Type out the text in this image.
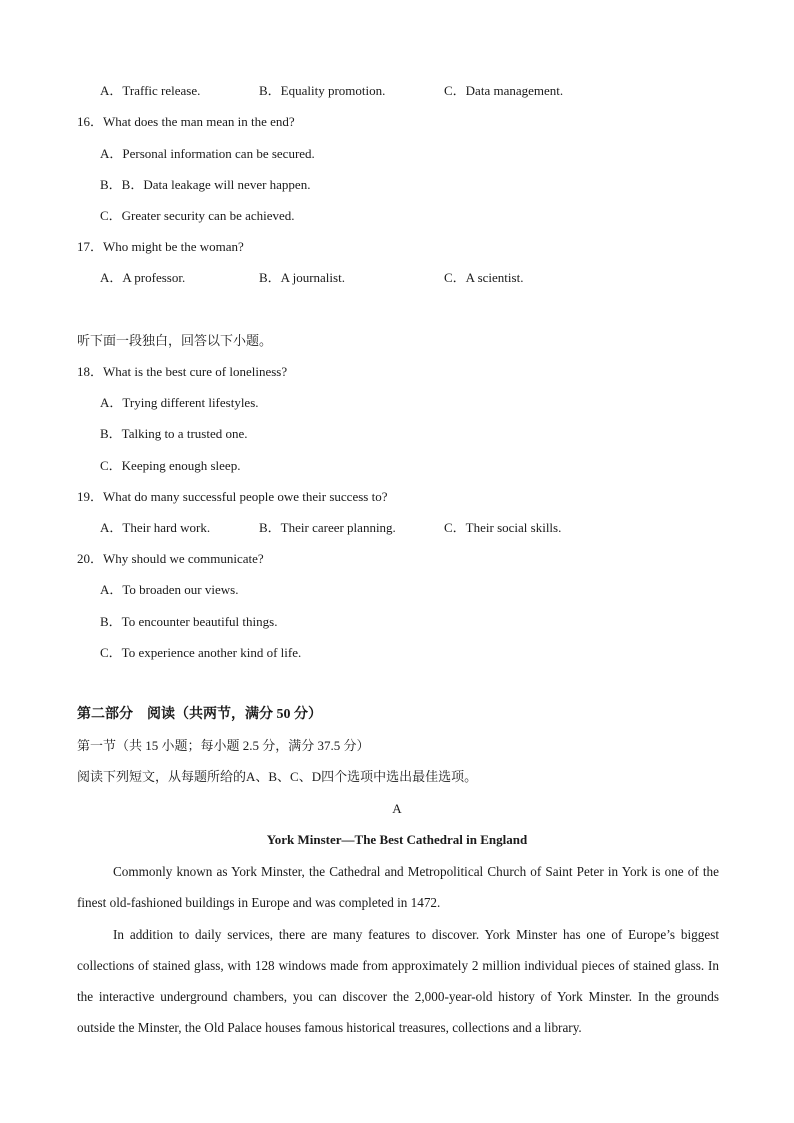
A．Traffic release.	B．Equality promotion.	C．Data management.
16．What does the man mean in the end?
A．Personal information can be secured.
B．B．Data leakage will never happen.
C．Greater security can be achieved.
17．Who might be the woman?
A．A professor.	B．A journalist.	C．A scientist.
听下面一段独白，回答以下小题。
18．What is the best cure of loneliness?
A．Trying different lifestyles.
B．Talking to a trusted one.
C．Keeping enough sleep.
19．What do many successful people owe their success to?
A．Their hard work.	B．Their career planning.	C．Their social skills.
20．Why should we communicate?
A．To broaden our views.
B．To encounter beautiful things.
C．To experience another kind of life.
第二部分　阅读（共两节，满分 50 分）
第一节（共 15 小题；每小题 2.5 分，满分 37.5 分）
阅读下列短文，从每题所给的A、B、C、D四个选项中选出最佳选项。
A
York Minster—The Best Cathedral in England
Commonly known as York Minster, the Cathedral and Metropolitical Church of Saint Peter in York is one of the finest old-fashioned buildings in Europe and was completed in 1472.
In addition to daily services, there are many features to discover. York Minster has one of Europe’s biggest collections of stained glass, with 128 windows made from approximately 2 million individual pieces of stained glass. In the interactive underground chambers, you can discover the 2,000-year-old history of York Minster. In the grounds outside the Minster, the Old Palace houses famous historical treasures, collections and a library.
